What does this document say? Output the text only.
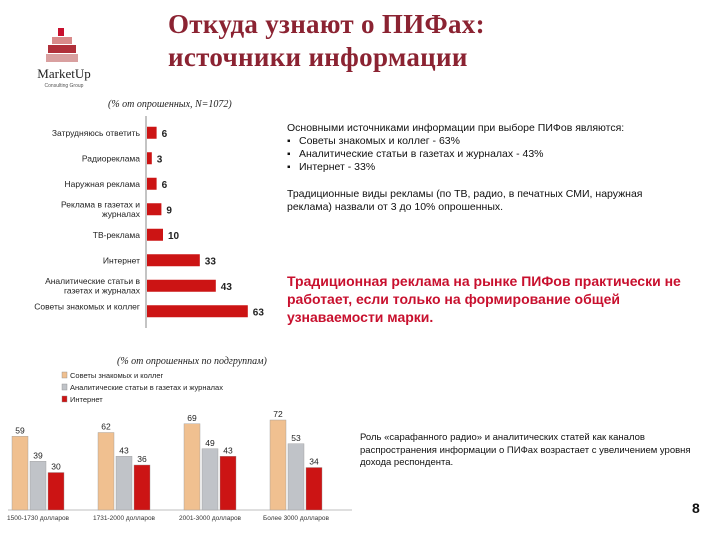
MarketUp
Consulting Group
Откуда узнают о ПИФах:
источники информации
(% от опрошенных, N=1072)
Затрудняюсь ответить 6
Радиореклама 3
Наружная реклама 6
Реклама в газетах и журналах	9
ТВ-реклама	10
Интернет	33
Аналитические статьи в газетах и журналах	43
Советы знакомых и коллег
63

Основными источниками информации при выборе ПИФов являются:

▪ Советы знакомых и коллег - 63%
▪ Аналитические статьи в газетах и журналах - 43%
▪ Интернет - 33%

Традиционные виды рекламы (по ТВ, радио, в печатных СМИ, наружная реклама) назвали от 3 до 10% опрошенных.

Традиционная реклама на рынке ПИФов практически не работает, если только на формирование общей узнаваемости марки.
(% от опрошенных по подгруппам)
Советы знакомых и коллег
Аналитические статьи в газетах и журналах
Интернет
59
39
30
1500-1730 долларов
62
43
36
1731-2000 долларов
69
49
43
2001-3000 долларов
72
53
34
Более 3000 долларов
Роль «сарафанного радио» и аналитических статей как каналов распространения информации о ПИФах возрастает с увеличением уровня дохода респондента.
8
